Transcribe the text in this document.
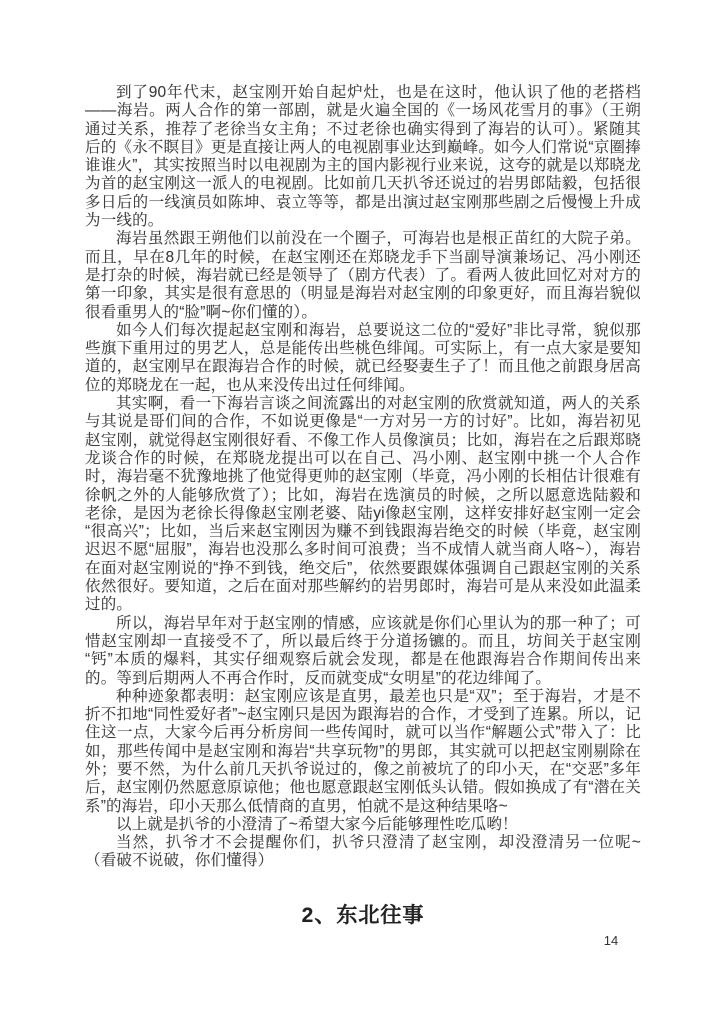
到了90年代末，赵宝刚开始自起炉灶，也是在这时，他认识了他的老搭档——海岩。两人合作的第一部剧，就是火遍全国的《一场风花雪月的事》（王朔通过关系，推荐了老徐当女主角；不过老徐也确实得到了海岩的认可）。紧随其后的《永不瞑目》更是直接让两人的电视剧事业达到巅峰。如今人们常说“京圈捧谁谁火”，其实按照当时以电视剧为主的国内影视行业来说，这夸的就是以郑晓龙为首的赵宝刚这一派人的电视剧。比如前几天扒爷还说过的岩男郎陆毅，包括很多日后的一线演员如陈坤、袁立等等，都是出演过赵宝刚那些剧之后慢慢上升成为一线的。

海岩虽然跟王朔他们以前没在一个圈子，可海岩也是根正苗红的大院子弟。而且，早在8几年的时候，在赵宝刚还在郑晓龙手下当副导演兼场记、冯小刚还是打杂的时候，海岩就已经是领导了（剧方代表）了。看两人彼此回忆对对方的第一印象，其实是很有意思的（明显是海岩对赵宝刚的印象更好，而且海岩貌似很看重男人的“脸”啊~你们懂的）。

如今人们每次提起赵宝刚和海岩，总要说这二位的“爱好”非比寻常，貌似那些旗下重用过的男艺人，总是能传出些桃色绯闻。可实际上，有一点大家是要知道的，赵宝刚早在跟海岩合作的时候，就已经娶妻生子了！而且他之前跟身居高位的郑晓龙在一起，也从来没传出过任何绯闻。

其实啊，看一下海岩言谈之间流露出的对赵宝刚的欣赏就知道，两人的关系与其说是哥们间的合作，不如说更像是“一方对另一方的讨好”。比如，海岩初见赵宝刚，就觉得赵宝刚很好看、不像工作人员像演员；比如，海岩在之后跟郑晓龙谈合作的时候，在郑晓龙提出可以在自己、冯小刚、赵宝刚中挑一个人合作时，海岩毫不犹豫地挑了他觉得更帅的赵宝刚（毕竟，冯小刚的长相估计很难有徐帆之外的人能够欣赏了）；比如，海岩在选演员的时候，之所以愿意选陆毅和老徐，是因为老徐长得像赵宝刚老婆、陆yi像赵宝刚，这样安排好赵宝刚一定会“很高兴”；比如，当后来赵宝刚因为赚不到钱跟海岩绝交的时候（毕竟，赵宝刚迟迟不愿“屈服”，海岩也没那么多时间可浪费；当不成情人就当商人咯~），海岩在面对赵宝刚说的“挣不到钱，绝交后”，依然要跟媒体强调自己跟赵宝刚的关系依然很好。要知道，之后在面对那些解约的岩男郎时，海岩可是从来没如此温柔过的。

所以，海岩早年对于赵宝刚的情感，应该就是你们心里认为的那一种了；可惜赵宝刚却一直接受不了，所以最后终于分道扬镳的。而且，坊间关于赵宝刚“钙”本质的爆料，其实仔细观察后就会发现，都是在他跟海岩合作期间传出来的。等到后期两人不再合作时，反而就变成“女明星”的花边绯闻了。

种种迹象都表明：赵宝刚应该是直男，最差也只是“双”；至于海岩，才是不折不扣地“同性爱好者”~赵宝刚只是因为跟海岩的合作，才受到了连累。所以，记住这一点，大家今后再分析房间一些传闻时，就可以当作“解题公式”带入了：比如，那些传闻中是赵宝刚和海岩“共享玩物”的男郎，其实就可以把赵宝刚剔除在外；要不然，为什么前几天扒爷说过的，像之前被坑了的印小天，在“交恶”多年后，赵宝刚仍然愿意原谅他；他也愿意跟赵宝刚低头认错。假如换成了有“潜在关系”的海岩，印小天那么低情商的直男，怕就不是这种结果咯~

以上就是扒爷的小澄清了~希望大家今后能够理性吃瓜哟！

当然，扒爷才不会提醒你们，扒爷只澄清了赵宝刚，却没澄清另一位呢~（看破不说破，你们懂得）

2、东北往事
14
